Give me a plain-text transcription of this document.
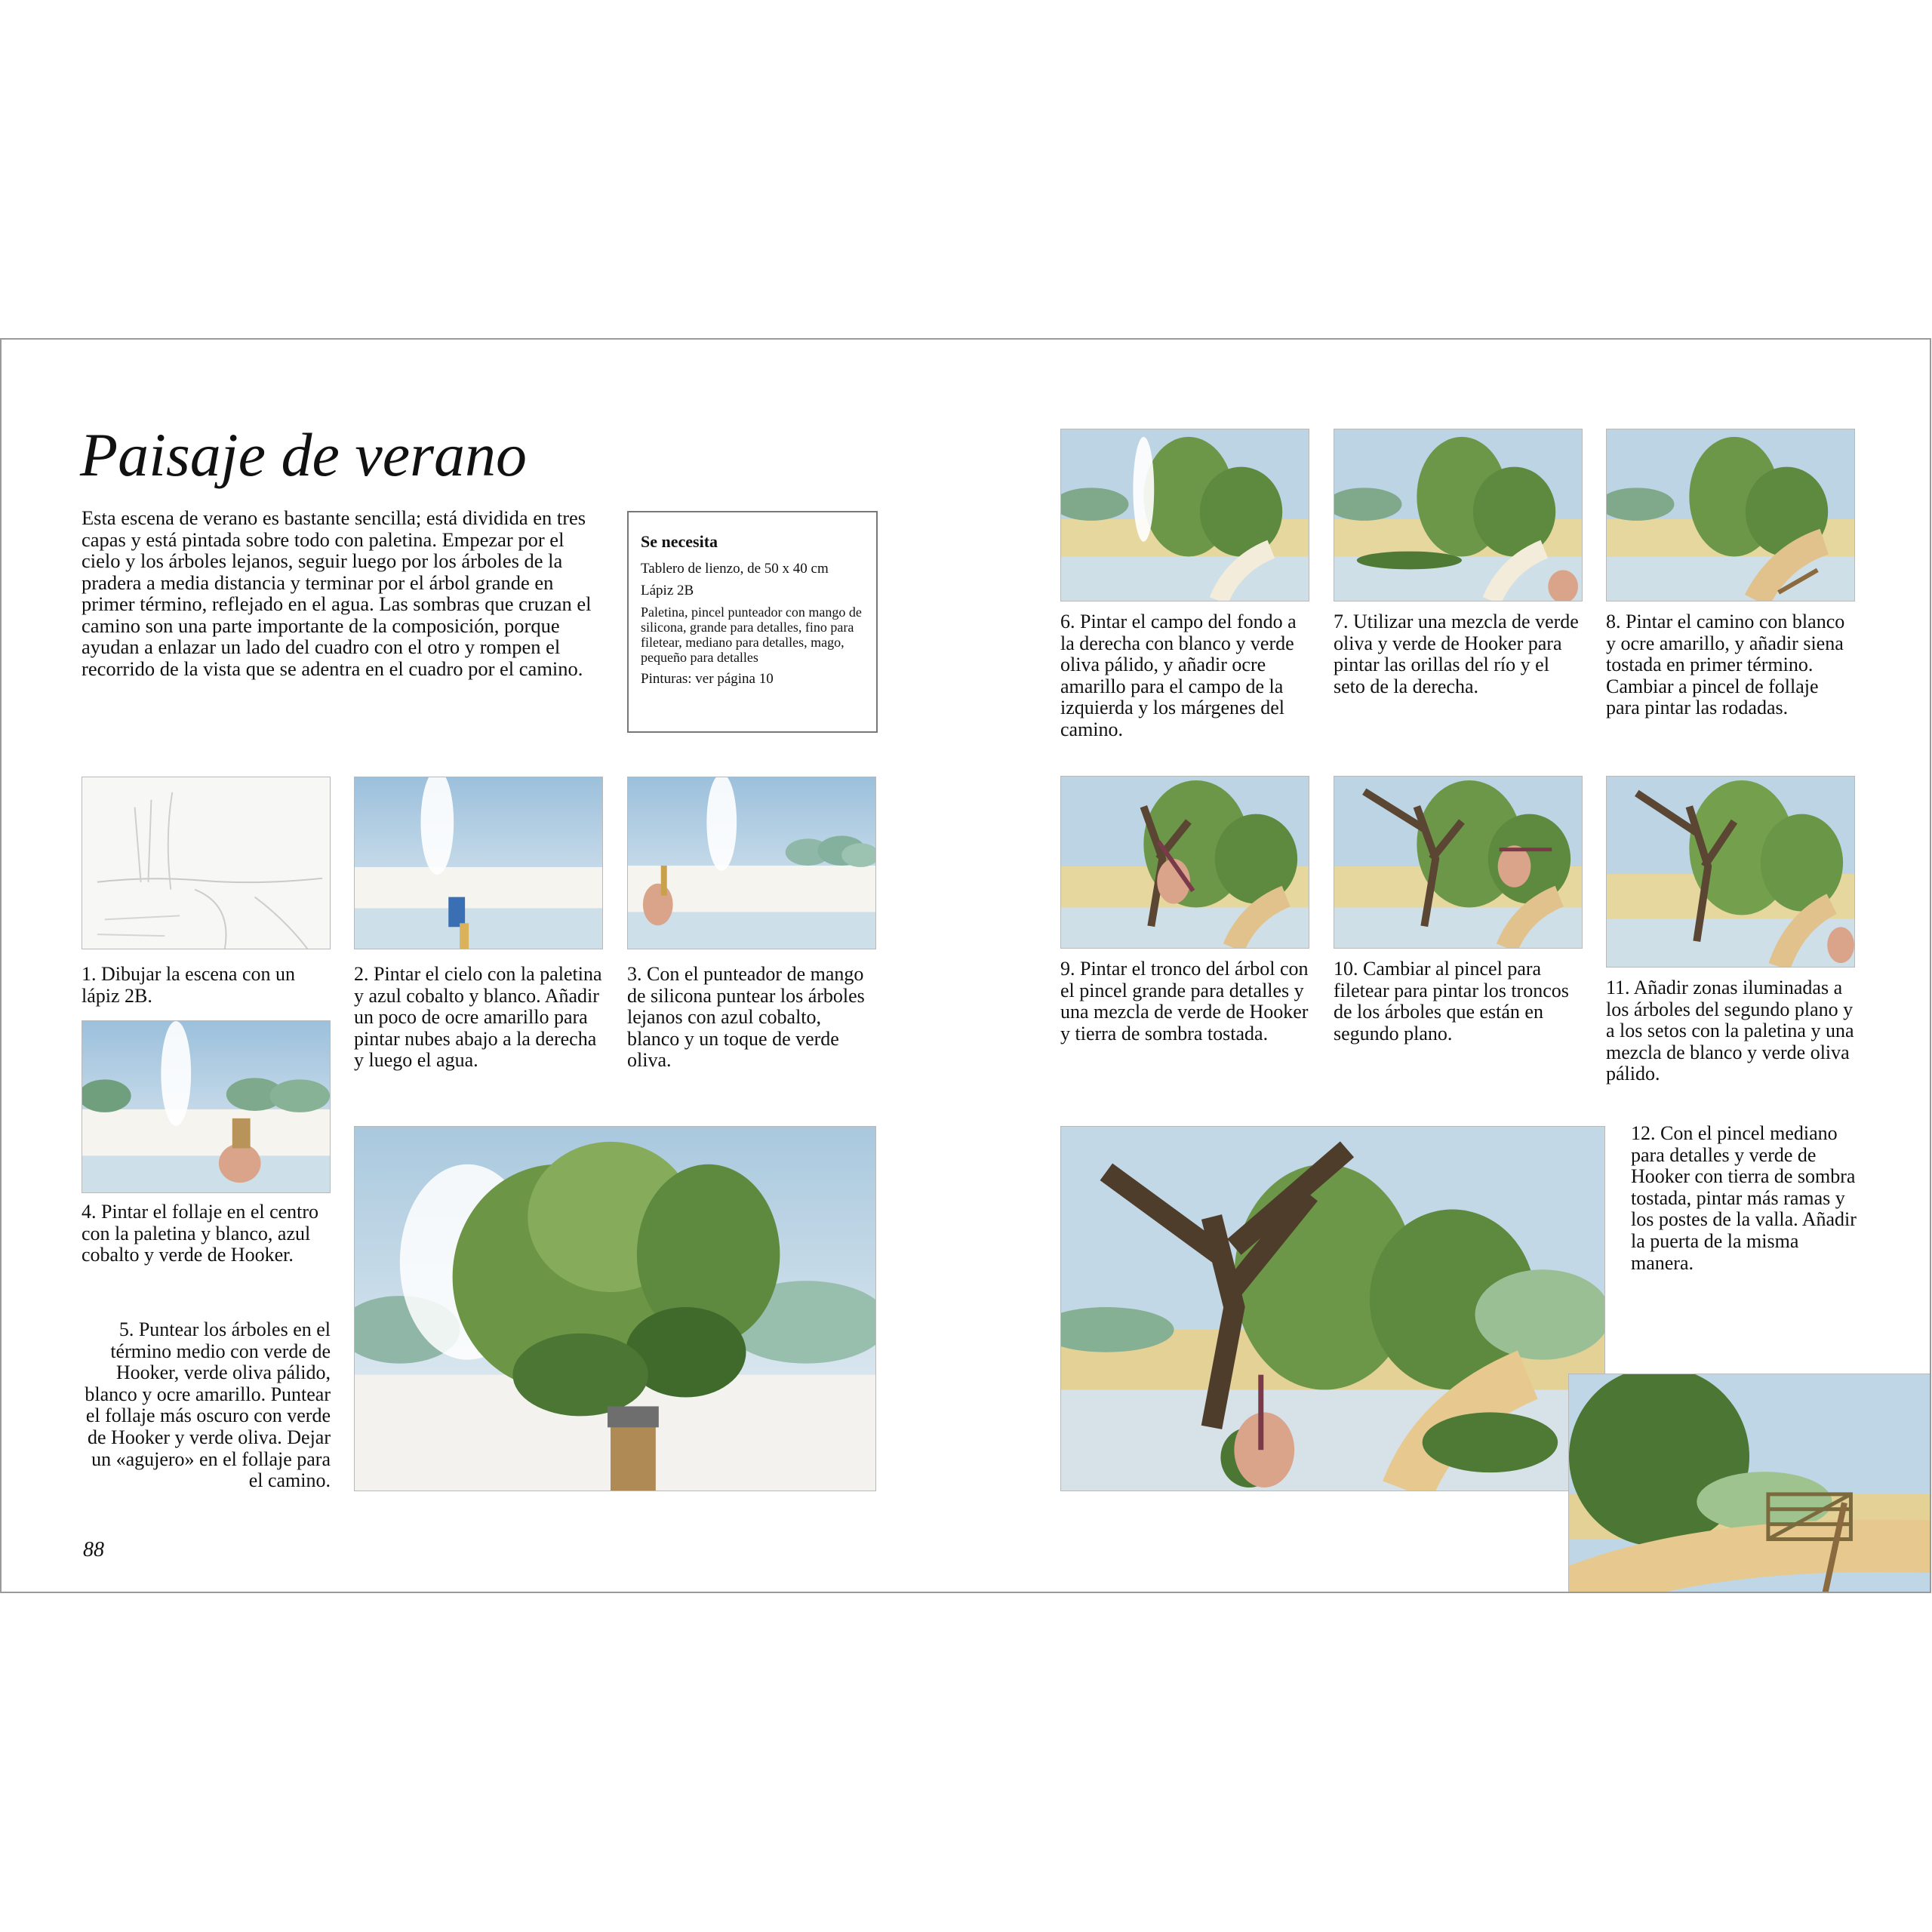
Paisaje de verano

Esta escena de verano es bastante sencilla; está dividida en tres capas y está pintada sobre todo con paletina. Empezar por el cielo y los árboles lejanos, seguir luego por los árboles de la pradera a media distancia y terminar por el árbol grande en primer término, reflejado en el agua. Las sombras que cruzan el camino son una parte importante de la composición, porque ayudan a enlazar un lado del cuadro con el otro y rompen el recorrido de la vista que se adentra en el cuadro por el camino.

Se necesita

Tablero de lienzo, de 50 x 40 cm

Lápiz 2B

Paletina, pincel punteador con mango de silicona, grande para detalles, fino para filetear, mediano para detalles, mago, pequeño para detalles

Pinturas: ver página 10

1. Dibujar la escena con un lápiz 2B.

2. Pintar el cielo con la paletina y azul cobalto y blanco. Añadir un poco de ocre amarillo para pintar nubes abajo a la derecha y luego el agua.

3. Con el punteador de mango de silicona puntear los árboles lejanos con azul cobalto, blanco y un toque de verde oliva.

4. Pintar el follaje en el centro con la paletina y blanco, azul cobalto y verde de Hooker.

5. Puntear los árboles en el término medio con verde de Hooker, verde oliva pálido, blanco y ocre amarillo. Puntear el follaje más oscuro con verde de Hooker y verde oliva. Dejar un «agujero» en el follaje para el camino.

6. Pintar el campo del fondo a la derecha con blanco y verde oliva pálido, y añadir ocre amarillo para el campo de la izquierda y los márgenes del camino.

7. Utilizar una mezcla de verde oliva y verde de Hooker para pintar las orillas del río y el seto de la derecha.

8. Pintar el camino con blanco y ocre amarillo, y añadir siena tostada en primer término. Cambiar a pincel de follaje para pintar las rodadas.

9. Pintar el tronco del árbol con el pincel grande para detalles y una mezcla de verde de Hooker y tierra de sombra tostada.

10. Cambiar al pincel para filetear para pintar los troncos de los árboles que están en segundo plano.

11. Añadir zonas iluminadas a los árboles del segundo plano y a los setos con la paletina y una mezcla de blanco y verde oliva pálido.

12. Con el pincel mediano para detalles y verde de Hooker con tierra de sombra tostada, pintar más ramas y los postes de la valla. Añadir la puerta de la misma manera.

88
